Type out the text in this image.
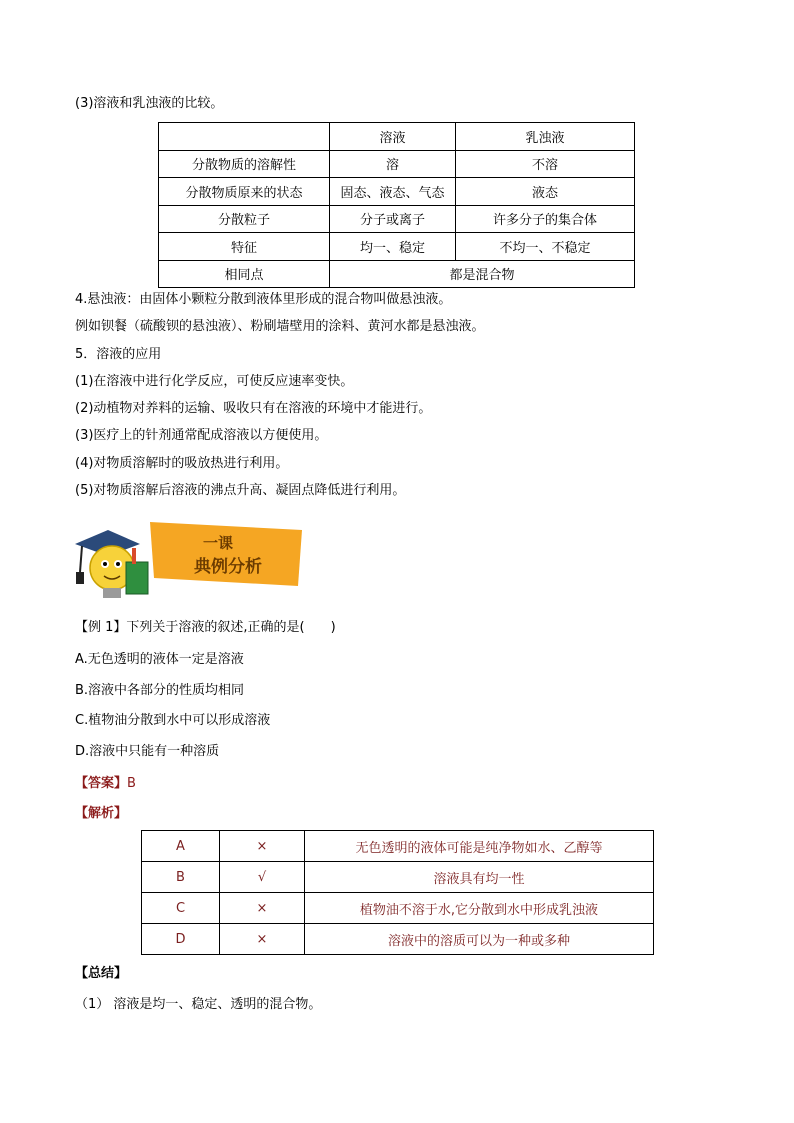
(3)溶液和乳浊液的比较。
	溶液	乳浊液
分散物质的溶解性	溶	不溶
分散物质原来的状态	固态、液态、气态	液态
分散粒子	分子或离子	许多分子的集合体
特征	均一、稳定	不均一、不稳定
相同点	都是混合物	
4.悬浊液：由固体小颗粒分散到液体里形成的混合物叫做悬浊液。
例如钡餐（硫酸钡的悬浊液）、粉刷墙壁用的涂料、黄河水都是悬浊液。
5．溶液的应用
(1)在溶液中进行化学反应，可使反应速率变快。
(2)动植物对养料的运输、吸收只有在溶液的环境中才能进行。
(3)医疗上的针剂通常配成溶液以方便使用。
(4)对物质溶解时的吸放热进行利用。
(5)对物质溶解后溶液的沸点升高、凝固点降低进行利用。
一课
典例分析
【例 1】下列关于溶液的叙述,正确的是(　　)
A.无色透明的液体一定是溶液
B.溶液中各部分的性质均相同
C.植物油分散到水中可以形成溶液
D.溶液中只能有一种溶质
【答案】B
【解析】
A	×	无色透明的液体可能是纯净物如水、乙醇等
B	√	溶液具有均一性
C	×	植物油不溶于水,它分散到水中形成乳浊液
D	×	溶液中的溶质可以为一种或多种
【总结】
（1） 溶液是均一、稳定、透明的混合物。
